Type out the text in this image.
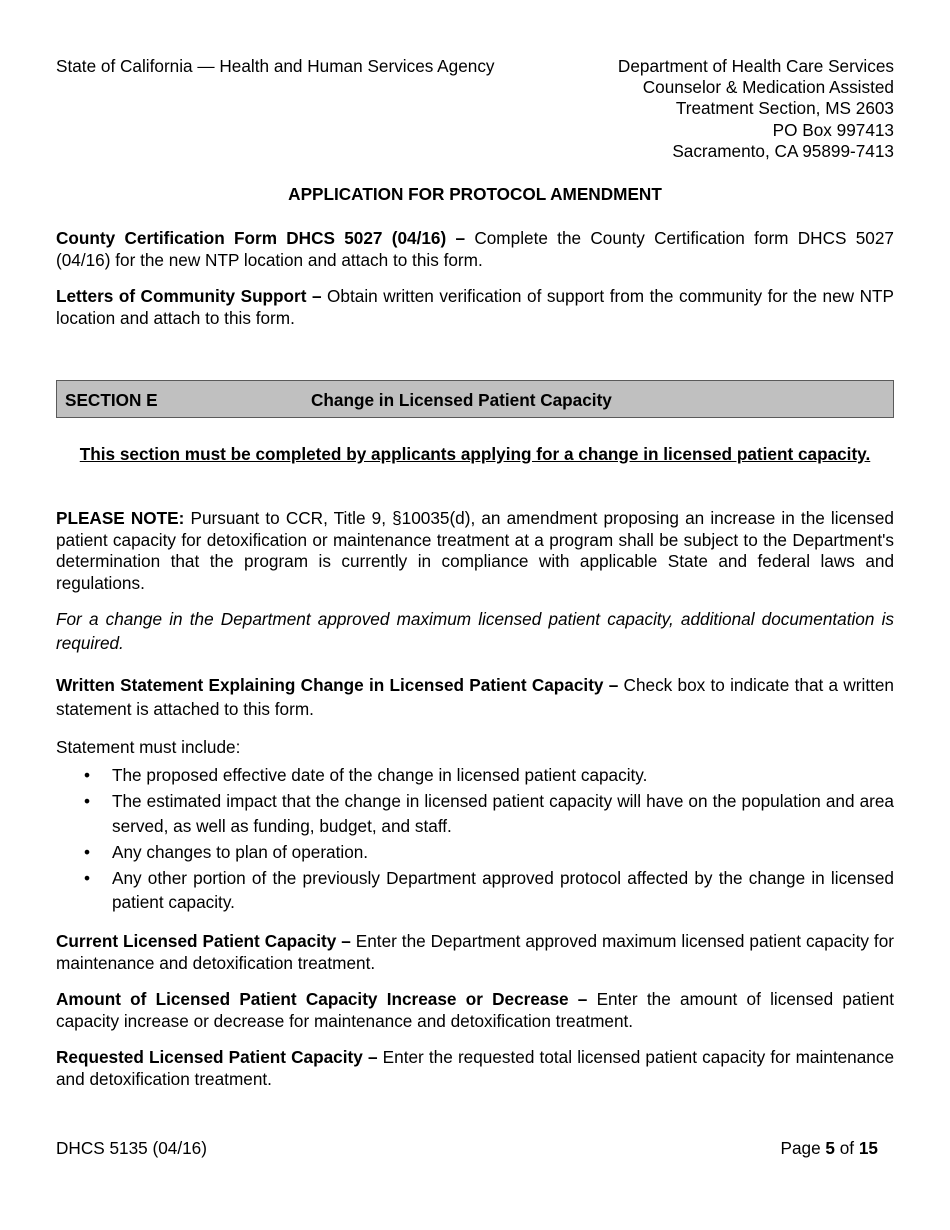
State of California — Health and Human Services Agency	Department of Health Care Services
Counselor & Medication Assisted
Treatment Section, MS 2603
PO Box 997413
Sacramento, CA 95899-7413
APPLICATION FOR PROTOCOL AMENDMENT

County Certification Form DHCS 5027 (04/16) – Complete the County Certification form DHCS 5027 (04/16) for the new NTP location and attach to this form.

Letters of Community Support – Obtain written verification of support from the community for the new NTP location and attach to this form.

SECTION E	Change in Licensed Patient Capacity
This section must be completed by applicants applying for a change in licensed patient capacity.

PLEASE NOTE: Pursuant to CCR, Title 9, §10035(d), an amendment proposing an increase in the licensed patient capacity for detoxification or maintenance treatment at a program shall be subject to the Department's determination that the program is currently in compliance with applicable State and federal laws and regulations.

For a change in the Department approved maximum licensed patient capacity, additional documentation is required.

Written Statement Explaining Change in Licensed Patient Capacity – Check box to indicate that a written statement is attached to this form.

Statement must include:

• The proposed effective date of the change in licensed patient capacity.
• The estimated impact that the change in licensed patient capacity will have on the population and area served, as well as funding, budget, and staff.
• Any changes to plan of operation.
• Any other portion of the previously Department approved protocol affected by the change in licensed patient capacity.

Current Licensed Patient Capacity – Enter the Department approved maximum licensed patient capacity for maintenance and detoxification treatment.

Amount of Licensed Patient Capacity Increase or Decrease – Enter the amount of licensed patient capacity increase or decrease for maintenance and detoxification treatment.

Requested Licensed Patient Capacity – Enter the requested total licensed patient capacity for maintenance and detoxification treatment.

DHCS 5135 (04/16)	Page 5 of 15
